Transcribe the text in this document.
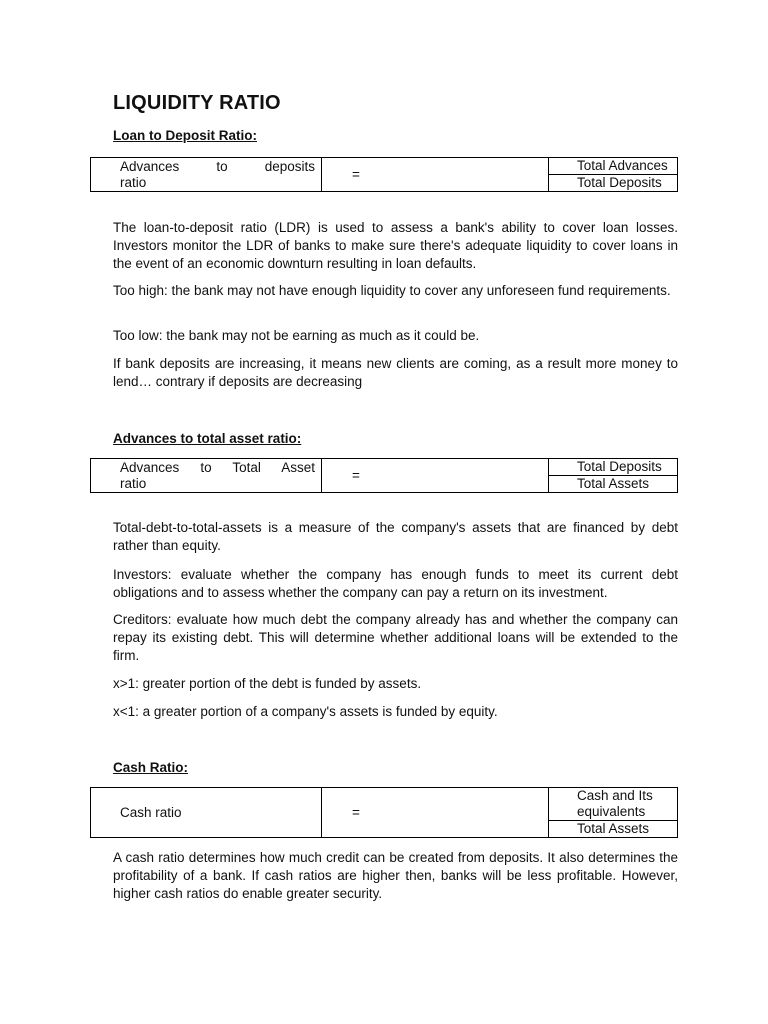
LIQUIDITY RATIO

Loan to Deposit Ratio:

Advances to deposits
ratio
	=	Total Advances
Total Deposits

The loan-to-deposit ratio (LDR) is used to assess a bank's ability to cover loan losses. Investors monitor the LDR of banks to make sure there's adequate liquidity to cover loans in the event of an economic downturn resulting in loan defaults.

Too high: the bank may not have enough liquidity to cover any unforeseen fund requirements.

Too low: the bank may not be earning as much as it could be.

If bank deposits are increasing, it means new clients are coming, as a result more money to lend… contrary if deposits are decreasing

Advances to total asset ratio:

Advances to Total Asset
ratio
	=	Total Deposits
Total Assets

Total-debt-to-total-assets is a measure of the company's assets that are financed by debt rather than equity.

Investors: evaluate whether the company has enough funds to meet its current debt obligations and to assess whether the company can pay a return on its investment.

Creditors: evaluate how much debt the company already has and whether the company can repay its existing debt. This will determine whether additional loans will be extended to the firm.

x>1: greater portion of the debt is funded by assets.

x<1: a greater portion of a company's assets is funded by equity.

Cash Ratio:

Cash ratio	=	Cash and Its equivalents
Total Assets

A cash ratio determines how much credit can be created from deposits. It also determines the profitability of a bank. If cash ratios are higher then, banks will be less profitable. However, higher cash ratios do enable greater security.
